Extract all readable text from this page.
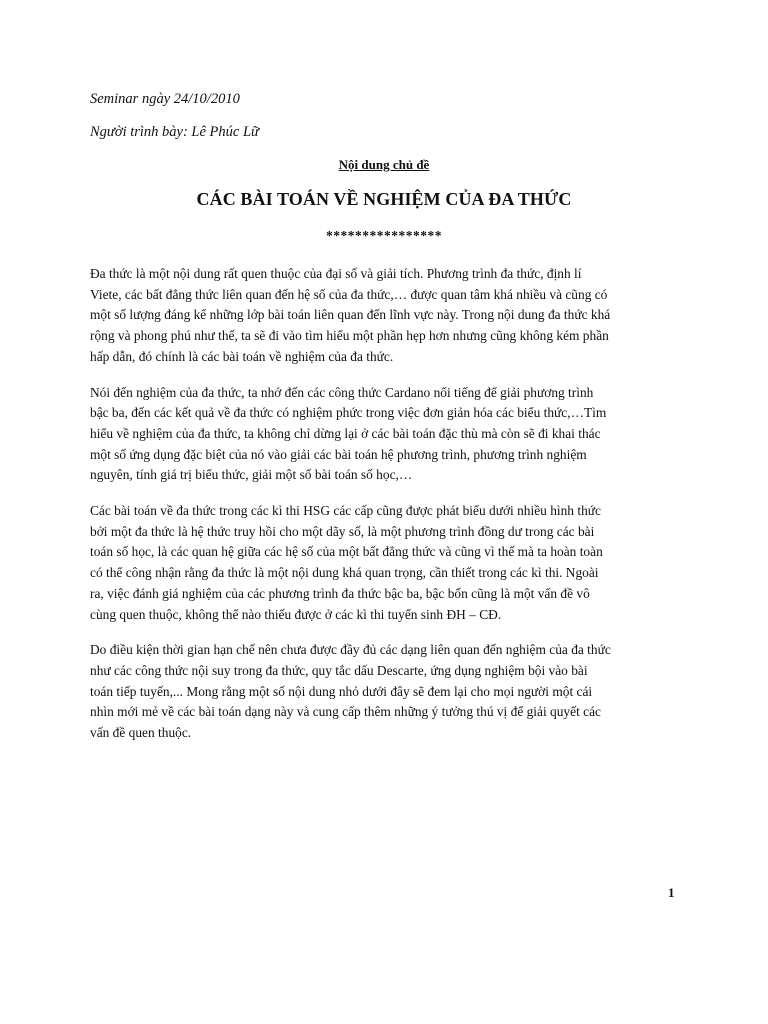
Seminar ngày 24/10/2010
Người trình bày: Lê Phúc Lữ
Nội dung chủ đề
CÁC BÀI TOÁN VỀ NGHIỆM CỦA ĐA THỨC
****************

Đa thức là một nội dung rất quen thuộc của đại số và giải tích. Phương trình đa thức, định lí
Viete, các bất đẳng thức liên quan đến hệ số của đa thức,… được quan tâm khá nhiều và cũng có
một số lượng đáng kể những lớp bài toán liên quan đến lĩnh vực này. Trong nội dung đa thức khá
rộng và phong phú như thế, ta sẽ đi vào tìm hiểu một phần hẹp hơn nhưng cũng không kém phần
hấp dẫn, đó chính là các bài toán về nghiệm của đa thức.

Nói đến nghiệm của đa thức, ta nhớ đến các công thức Cardano nổi tiếng để giải phương trình
bậc ba, đến các kết quả về đa thức có nghiệm phức trong việc đơn giản hóa các biểu thức,…Tìm
hiểu về nghiệm của đa thức, ta không chỉ dừng lại ở các bài toán đặc thù mà còn sẽ đi khai thác
một số ứng dụng đặc biệt của nó vào giải các bài toán hệ phương trình, phương trình nghiệm
nguyên, tính giá trị biểu thức, giải một số bài toán số học,…

Các bài toán về đa thức trong các kì thi HSG các cấp cũng được phát biểu dưới nhiều hình thức
bởi một đa thức là hệ thức truy hồi cho một dãy số, là một phương trình đồng dư trong các bài
toán số học, là các quan hệ giữa các hệ số của một bất đẳng thức và cũng vì thế mà ta hoàn toàn
có thể công nhận rằng đa thức là một nội dung khá quan trọng, cần thiết trong các kì thi. Ngoài
ra, việc đánh giá nghiệm của các phương trình đa thức bậc ba, bậc bốn cũng là một vấn đề vô
cùng quen thuộc, không thể nào thiếu được ở các kì thi tuyển sinh ĐH – CĐ.

Do điều kiện thời gian hạn chế nên chưa được đầy đủ các dạng liên quan đến nghiệm của đa thức
như các công thức nội suy trong đa thức, quy tắc dấu Descarte, ứng dụng nghiệm bội vào bài
toán tiếp tuyến,... Mong rằng một số nội dung nhỏ dưới đây sẽ đem lại cho mọi người một cái
nhìn mới mẻ về các bài toán dạng này và cung cấp thêm những ý tưởng thú vị để giải quyết các
vấn đề quen thuộc.

1
